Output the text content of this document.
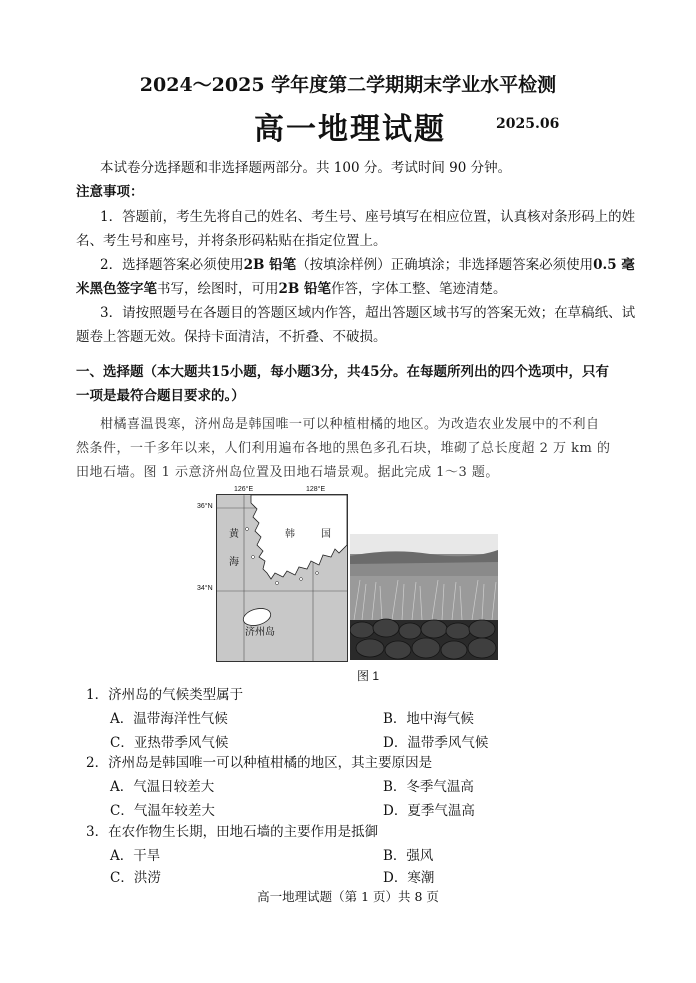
2024～2025 学年度第二学期期末学业水平检测
高一地理试题	2025.06
本试卷分选择题和非选择题两部分。共 100 分。考试时间 90 分钟。
注意事项：
1．答题前，考生先将自己的姓名、考生号、座号填写在相应位置，认真核对条形码上的姓
名、考生号和座号，并将条形码粘贴在指定位置上。
2．选择题答案必须使用2B 铅笔（按填涂样例）正确填涂；非选择题答案必须使用0.5 毫
米黑色签字笔书写，绘图时，可用2B 铅笔作答，字体工整、笔迹清楚。
3．请按照题号在各题目的答题区域内作答，超出答题区域书写的答案无效；在草稿纸、试
题卷上答题无效。保持卡面清洁，不折叠、不破损。
一、选择题（本大题共15小题，每小题3分，共45分。在每题所列出的四个选项中，只有
一项是最符合题目要求的。）
柑橘喜温畏寒，济州岛是韩国唯一可以种植柑橘的地区。为改造农业发展中的不利自
然条件，一千多年以来，人们利用遍布各地的黑色多孔石块，堆砌了总长度超 2 万 km 的
田地石墙。图 1 示意济州岛位置及田地石墙景观。据此完成 1～3 题。
126°E	128°E
36°N
34°N
黄
海
韩	国
济州岛
图 1
1．济州岛的气候类型属于
A．温带海洋性气候	B．地中海气候
C．亚热带季风气候	D．温带季风气候
2．济州岛是韩国唯一可以种植柑橘的地区，其主要原因是
A．气温日较差大	B．冬季气温高
C．气温年较差大	D．夏季气温高
3．在农作物生长期，田地石墙的主要作用是抵御
A．干旱	B．强风
C．洪涝	D．寒潮
高一地理试题（第 1 页）共 8 页
